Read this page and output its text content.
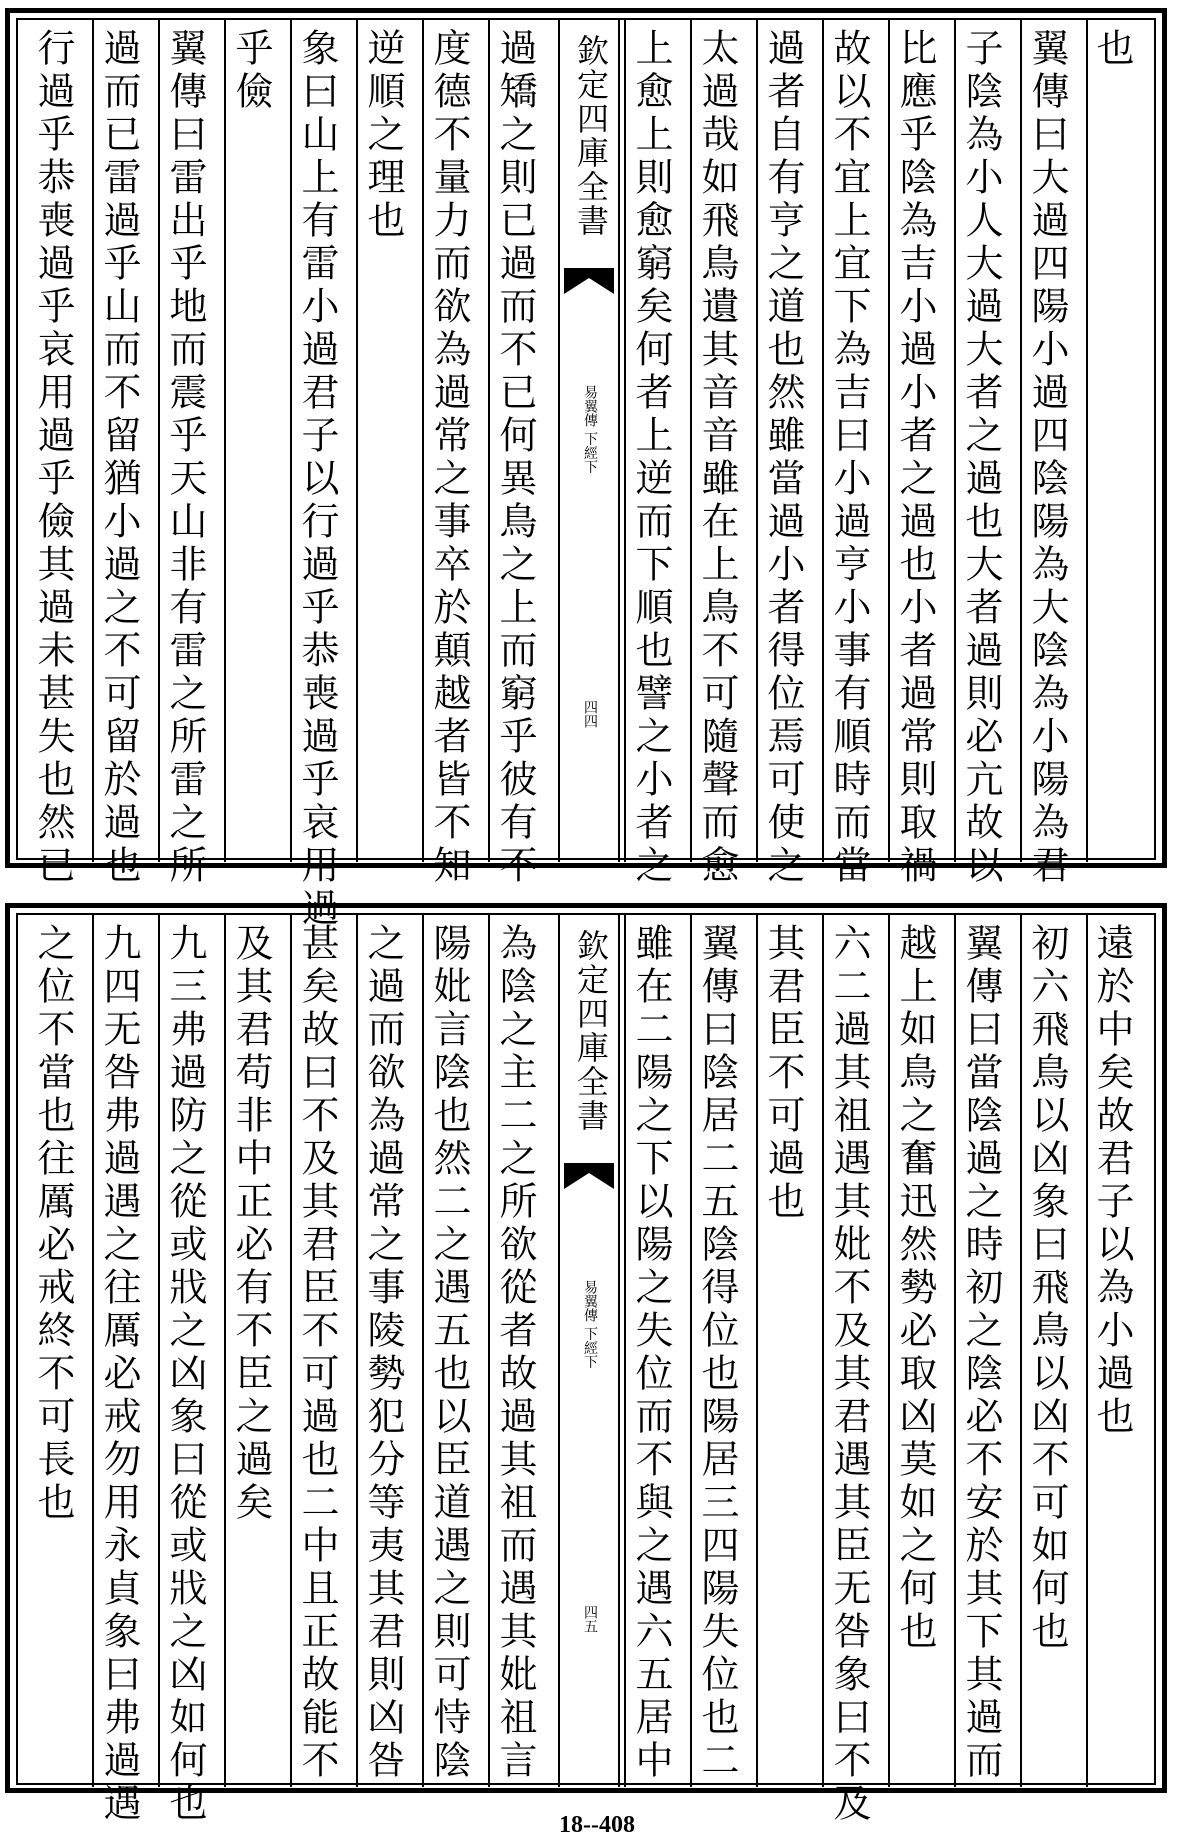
也
翼傳曰大過四陽小過四陰陽為大陰為小陽為君
子陰為小人大過大者之過也大者過則必亢故以
比應乎陰為吉小過小者之過也小者過常則取禍
故以不宜上宜下為吉曰小過亨小事有順時而當
過者自有亨之道也然雖當過小者得位焉可使之
太過哉如飛鳥遺其音音雖在上鳥不可隨聲而愈
上愈上則愈窮矣何者上逆而下順也譬之小者之
欽定四庫全書
易翼傳 下經下
四四
過矯之則已過而不已何異鳥之上而窮乎彼有不
度德不量力而欲為過常之事卒於顛越者皆不知
逆順之理也
象曰山上有雷小過君子以行過乎恭喪過乎哀用過
乎儉
翼傳曰雷出乎地而震乎天山非有雷之所雷之所
過而已雷過乎山而不留猶小過之不可留於過也
行過乎恭喪過乎哀用過乎儉其過未甚失也然已
遠於中矣故君子以為小過也
初六飛鳥以凶象曰飛鳥以凶不可如何也
翼傳曰當陰過之時初之陰必不安於其下其過而
越上如鳥之奮迅然勢必取凶莫如之何也
六二過其祖遇其妣不及其君遇其臣无咎象曰不及
其君臣不可過也
翼傳曰陰居二五陰得位也陽居三四陽失位也二
雖在二陽之下以陽之失位而不與之遇六五居中
欽定四庫全書
易翼傳 下經下
四五
為陰之主二之所欲從者故過其祖而遇其妣祖言
陽妣言陰也然二之遇五也以臣道遇之則可恃陰
之過而欲為過常之事陵勢犯分等夷其君則凶咎
甚矣故曰不及其君臣不可過也二中且正故能不
及其君苟非中正必有不臣之過矣
九三弗過防之從或戕之凶象曰從或戕之凶如何也
九四无咎弗過遇之往厲必戒勿用永貞象曰弗過遇
之位不當也往厲必戒終不可長也
18--408
